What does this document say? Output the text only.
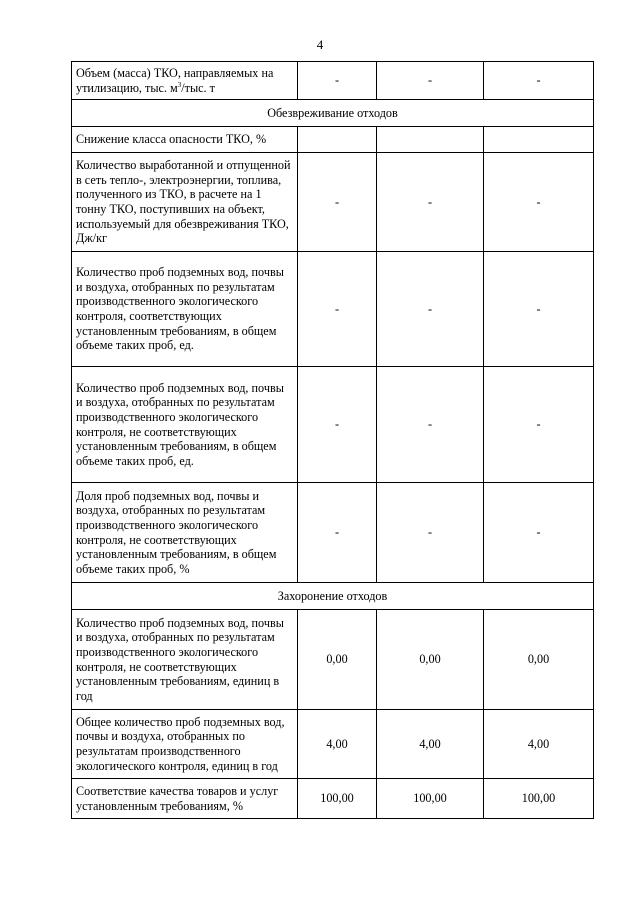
4
Объем (масса) ТКО, направляемых на утилизацию, тыс. $м^3$/тыс. т	-	-	-
Обезвреживание отходов			
Снижение класса опасности ТКО, %			
Количество выработанной и отпущенной в сеть тепло-, электроэнергии, топлива, полученного из ТКО, в расчете на 1 тонну ТКО, поступивших на объект, используемый для обезвреживания ТКО, Дж/кг	-	-	-
Количество проб подземных вод, почвы и воздуха, отобранных по результатам производственного экологического контроля, соответствующих установленным требованиям, в общем объеме таких проб, ед.	-	-	-
Количество проб подземных вод, почвы и воздуха, отобранных по результатам производственного экологического контроля, не соответствующих установленным требованиям, в общем объеме таких проб, ед.	-	-	-
Доля проб подземных вод, почвы и воздуха, отобранных по результатам производственного экологического контроля, не соответствующих установленным требованиям, в общем объеме таких проб, %	-	-	-
Захоронение отходов			
Количество проб подземных вод, почвы и воздуха, отобранных по результатам производственного экологического контроля, не соответствующих установленным требованиям, единиц в год	0,00	0,00	0,00
Общее количество проб подземных вод, почвы и воздуха, отобранных по результатам производственного экологического контроля, единиц в год	4,00	4,00	4,00
Соответствие качества товаров и услуг установленным требованиям, %	100,00	100,00	100,00
